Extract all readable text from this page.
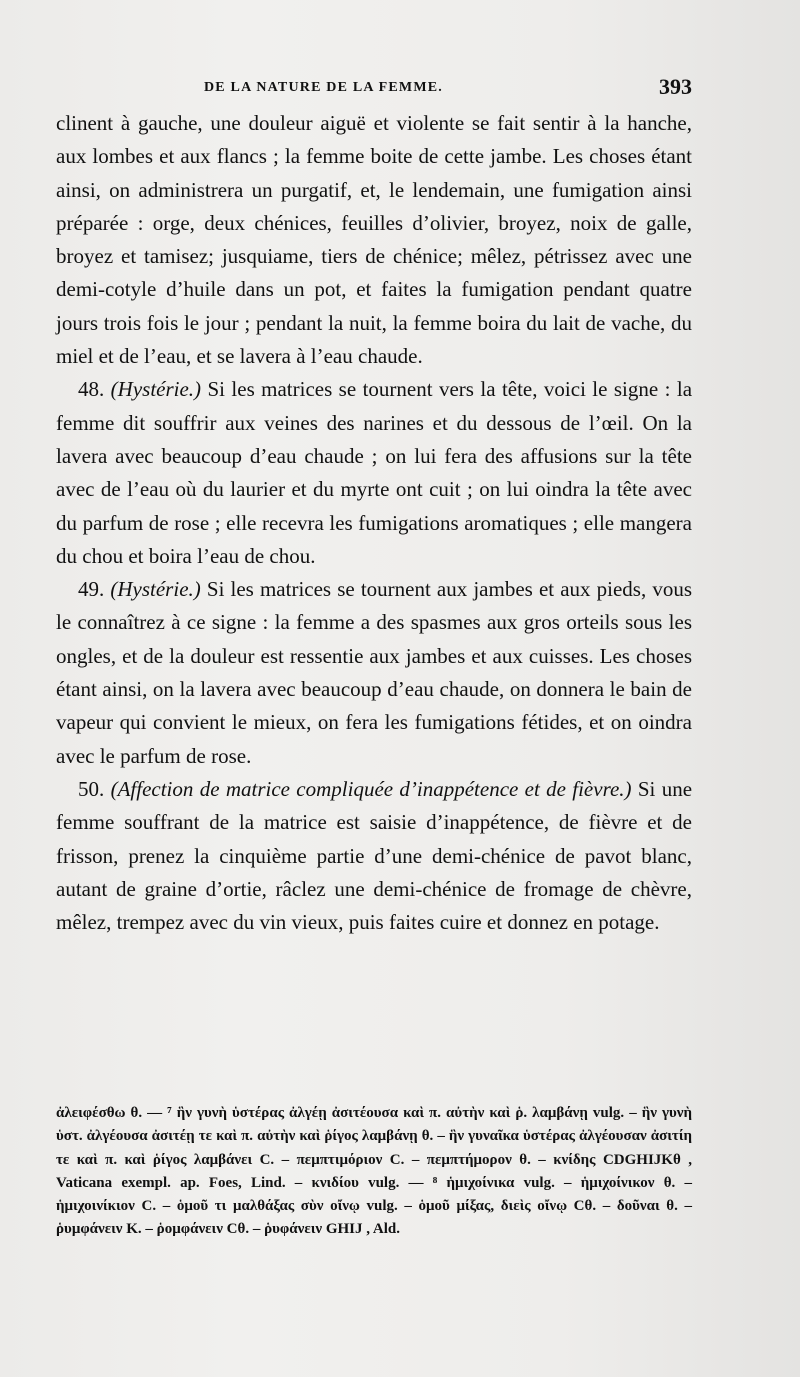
DE LA NATURE DE LA FEMME.	393

clinent à gauche, une douleur aiguë et violente se fait sentir à la hanche, aux lombes et aux flancs ; la femme boite de cette jambe. Les choses étant ainsi, on administrera un purgatif, et, le lendemain, une fumigation ainsi préparée : orge, deux chénices, feuilles d’olivier, broyez, noix de galle, broyez et tamisez; jusquiame, tiers de chénice; mêlez, pétrissez avec une demi-cotyle d’huile dans un pot, et faites la fumigation pendant quatre jours trois fois le jour ; pendant la nuit, la femme boira du lait de vache, du miel et de l’eau, et se lavera à l’eau chaude.

48. (Hystérie.) Si les matrices se tournent vers la tête, voici le signe : la femme dit souffrir aux veines des narines et du dessous de l’œil. On la lavera avec beaucoup d’eau chaude ; on lui fera des affusions sur la tête avec de l’eau où du laurier et du myrte ont cuit ; on lui oindra la tête avec du parfum de rose ; elle recevra les fumigations aromatiques ; elle mangera du chou et boira l’eau de chou.

49. (Hystérie.) Si les matrices se tournent aux jambes et aux pieds, vous le connaîtrez à ce signe : la femme a des spasmes aux gros orteils sous les ongles, et de la douleur est ressentie aux jambes et aux cuisses. Les choses étant ainsi, on la lavera avec beaucoup d’eau chaude, on donnera le bain de vapeur qui convient le mieux, on fera les fumigations fétides, et on oindra avec le parfum de rose.

50. (Affection de matrice compliquée d’inappétence et de fièvre.) Si une femme souffrant de la matrice est saisie d’inappétence, de fièvre et de frisson, prenez la cinquième partie d’une demi-chénice de pavot blanc, autant de graine d’ortie, râclez une demi-chénice de fromage de chèvre, mêlez, trempez avec du vin vieux, puis faites cuire et donnez en potage.

ἀλειφέσθω θ. — ⁷ ἣν γυνὴ ὑστέρας ἀλγέῃ ἀσιτέουσα καὶ π. αὐτὴν καὶ ῥ. λαμβάνῃ vulg. – ἣν γυνὴ ὑστ. ἀλγέουσα ἀσιτέῃ τε καὶ π. αὐτὴν καὶ ῥίγος λαμβάνῃ θ. – ἣν γυναῖκα ὑστέρας ἀλγέουσαν ἀσιτίη τε καὶ π. καὶ ῥίγος λαμβάνει C. – πεμπτιμόριον C. – πεμπτήμορον θ. – κνίδης CDGHIJKθ , Vaticana exempl. ap. Foes, Lind. – κνιδίου vulg. — ⁸ ἡμιχοίνικα vulg. – ἡμιχοίνικον θ. – ἡμιχοινίκιον C. – ὁμοῦ τι μαλθάξας σὺν οἴνῳ vulg. – ὁμοῦ μίξας, διεὶς οἴνῳ Cθ. – δοῦναι θ. – ῥυμφάνειν K. – ῥομφάνειν Cθ. – ῥυφάνειν GHIJ , Ald.
